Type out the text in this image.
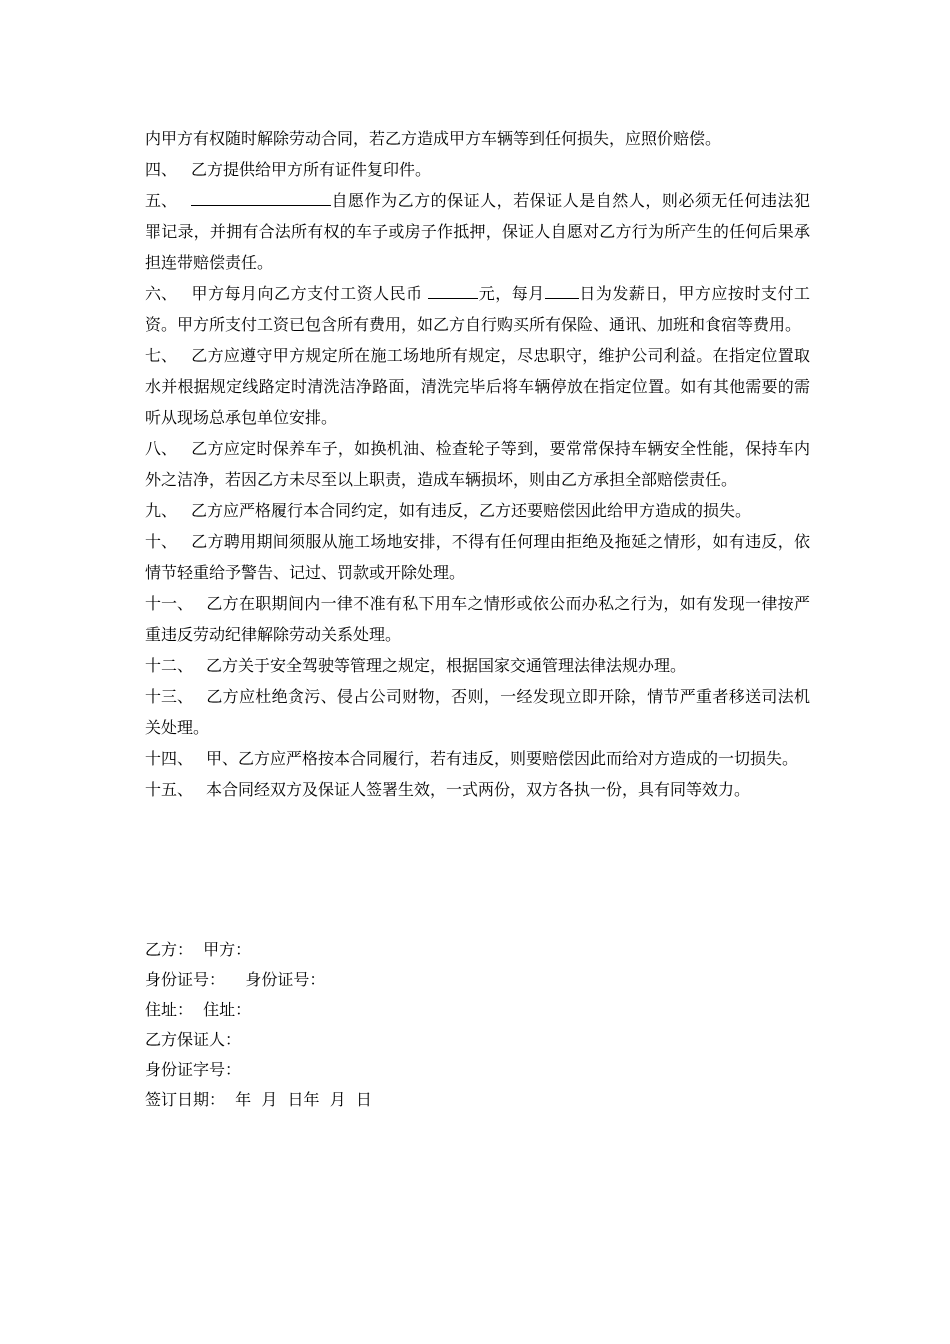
内甲方有权随时解除劳动合同，若乙方造成甲方车辆等到任何损失，应照价赔偿。

四、 乙方提供给甲方所有证件复印件。

五、	自愿作为乙方的保证人，若保证人是自然人，则必须无任何违法犯罪记录，并拥有合法所有权的车子或房子作抵押，保证人自愿对乙方行为所产生的任何后果承担连带赔偿责任。

六、 甲方每月向乙方支付工资人民币	元，每月 日为发薪日，甲方应按时支付工资。甲方所支付工资已包含所有费用，如乙方自行购买所有保险、通讯、加班和食宿等费用。

七、 乙方应遵守甲方规定所在施工场地所有规定，尽忠职守，维护公司利益。在指定位置取水并根据规定线路定时清洗洁净路面，清洗完毕后将车辆停放在指定位置。如有其他需要的需听从现场总承包单位安排。

八、 乙方应定时保养车子，如换机油、检查轮子等到，要常常保持车辆安全性能，保持车内外之洁净，若因乙方未尽至以上职责，造成车辆损坏，则由乙方承担全部赔偿责任。

九、 乙方应严格履行本合同约定，如有违反，乙方还要赔偿因此给甲方造成的损失。

十、 乙方聘用期间须服从施工场地安排，不得有任何理由拒绝及拖延之情形，如有违反，依情节轻重给予警告、记过、罚款或开除处理。

十一、 乙方在职期间内一律不准有私下用车之情形或依公而办私之行为，如有发现一律按严重违反劳动纪律解除劳动关系处理。

十二、 乙方关于安全驾驶等管理之规定，根据国家交通管理法律法规办理。

十三、 乙方应杜绝贪污、侵占公司财物，否则，一经发现立即开除，情节严重者移送司法机关处理。

十四、 甲、乙方应严格按本合同履行，若有违反，则要赔偿因此而给对方造成的一切损失。

十五、 本合同经双方及保证人签署生效，一式两份，双方各执一份，具有同等效力。

乙方：  甲方：

身份证号：    身份证号：

住址：  住址：

乙方保证人：

身份证字号：

签订日期：  年  月  日年  月  日
